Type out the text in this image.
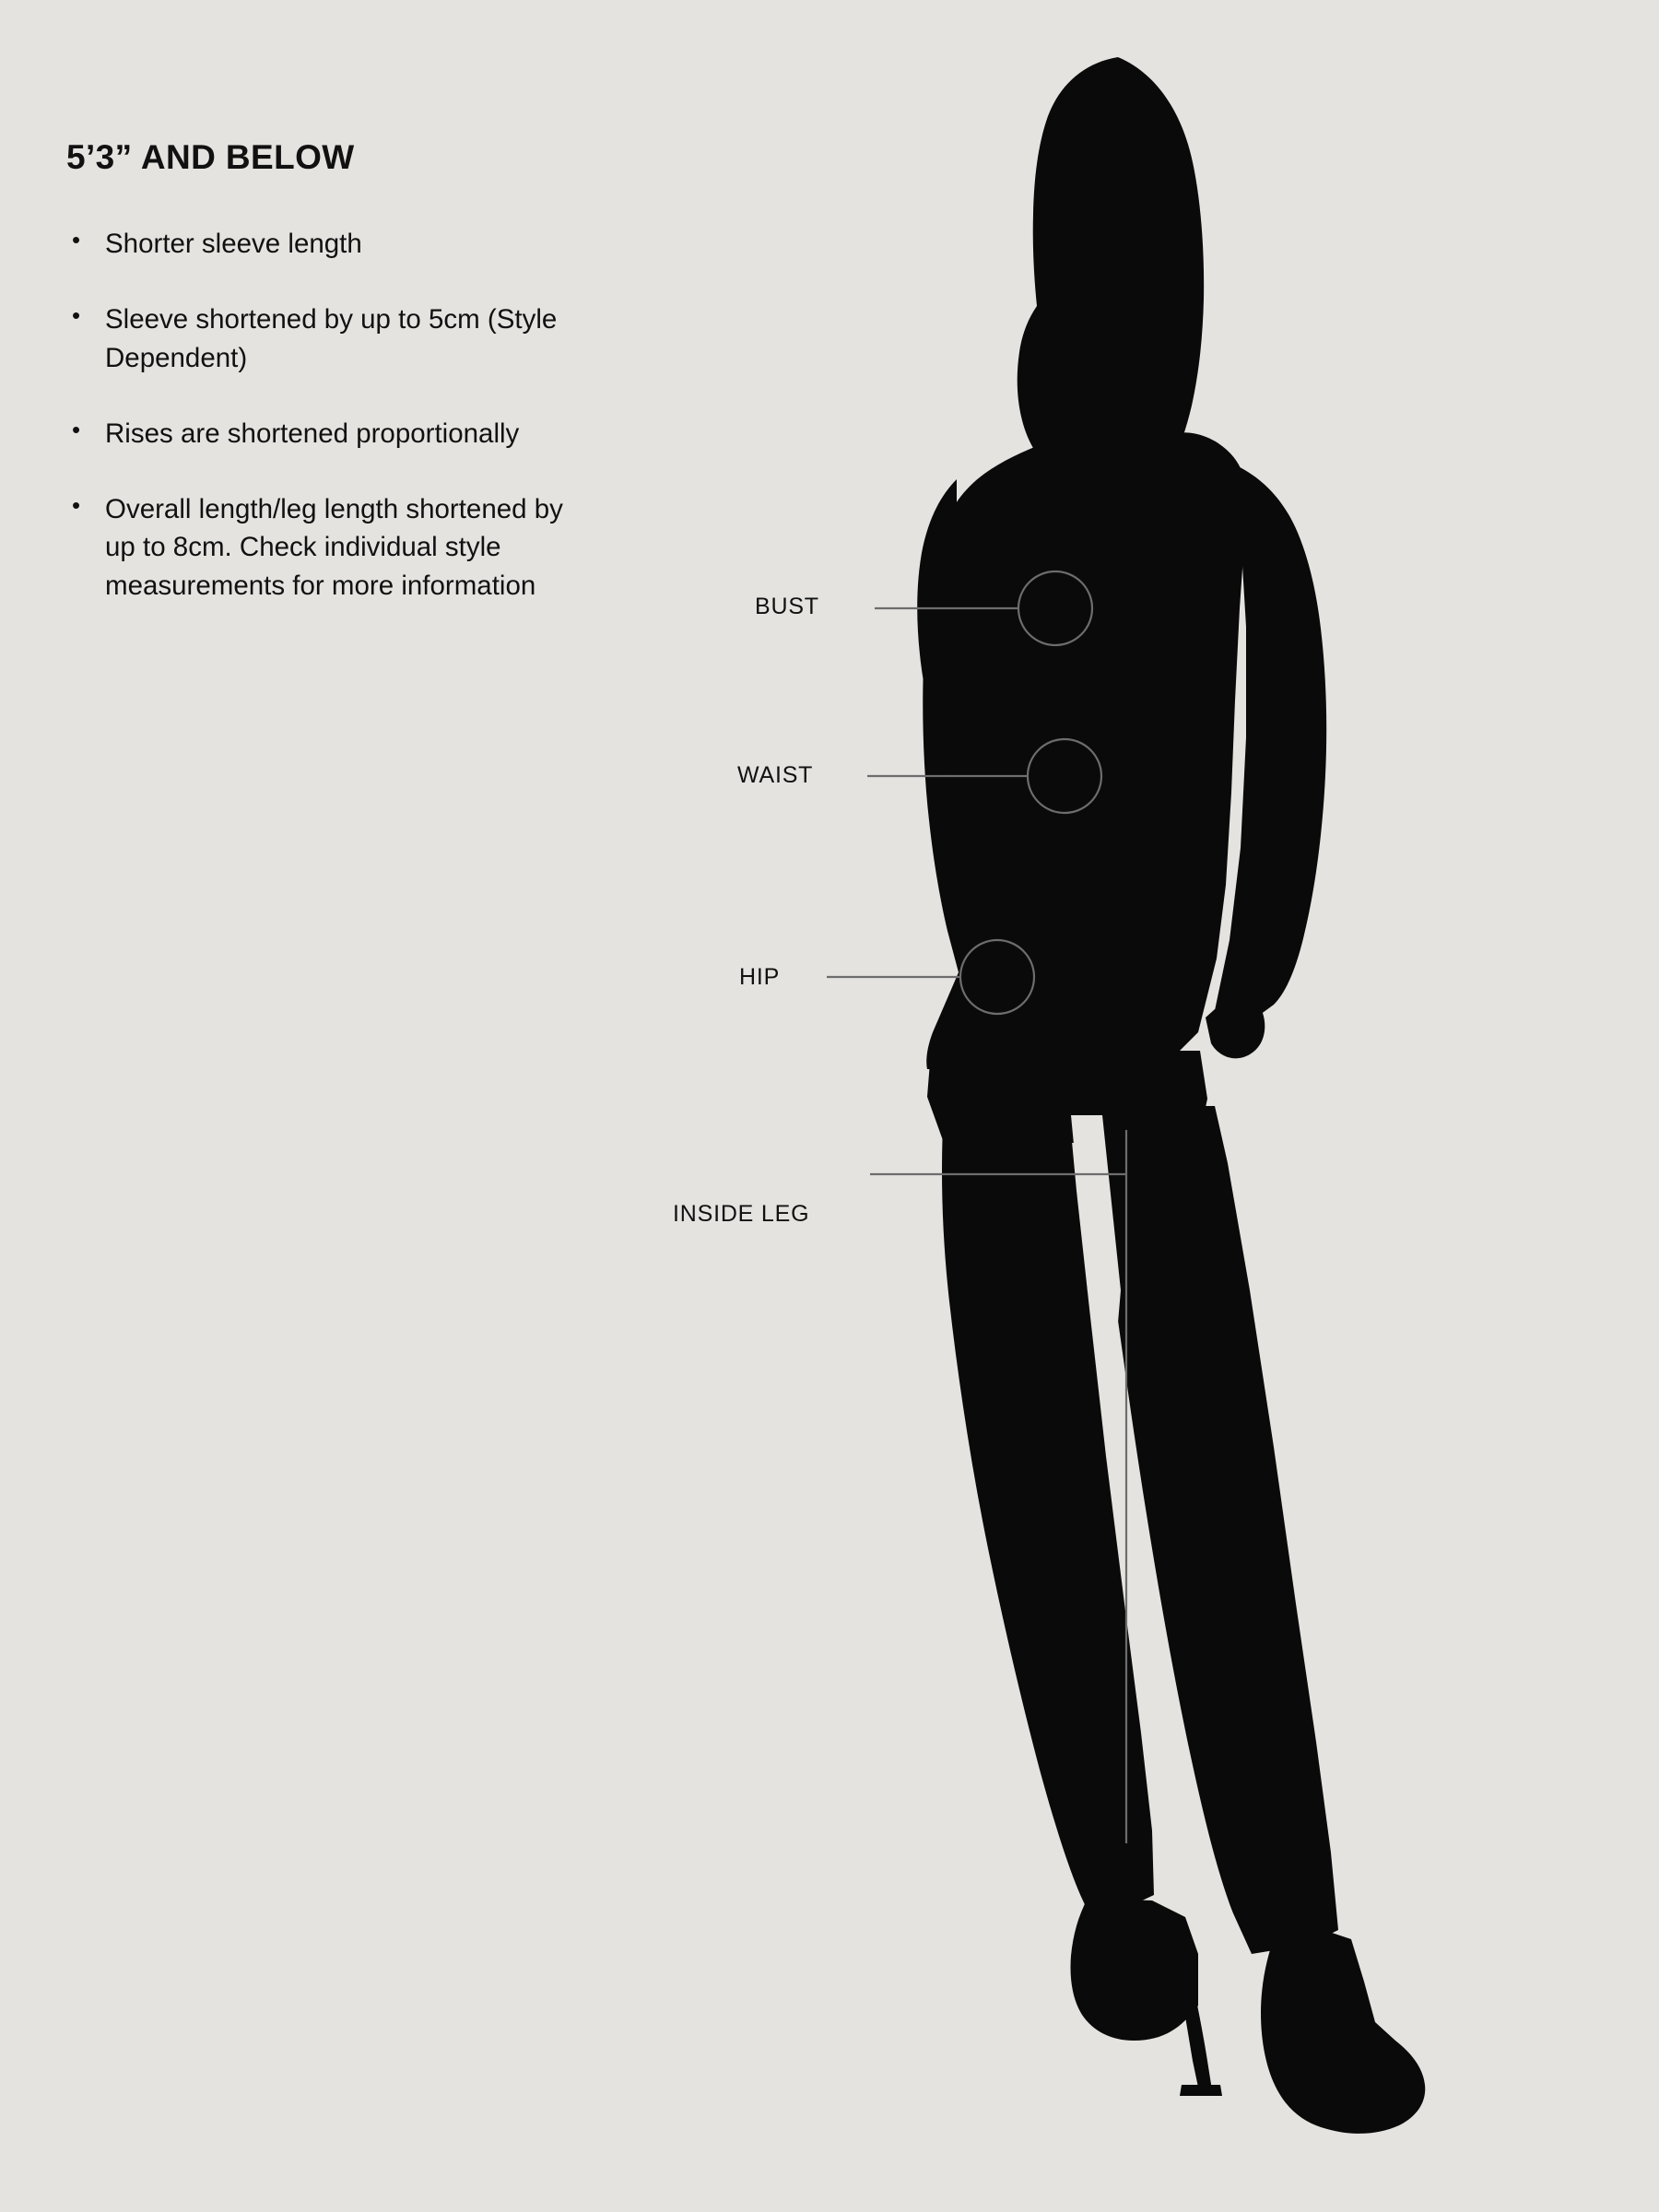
5’3” AND BELOW
• Shorter sleeve length
• Sleeve shortened by up to 5cm (Style Dependent)
• Rises are shortened proportionally
• Overall length/leg length shortened by up to 8cm. Check individual style measurements for more information
BUST
WAIST
HIP
INSIDE LEG
